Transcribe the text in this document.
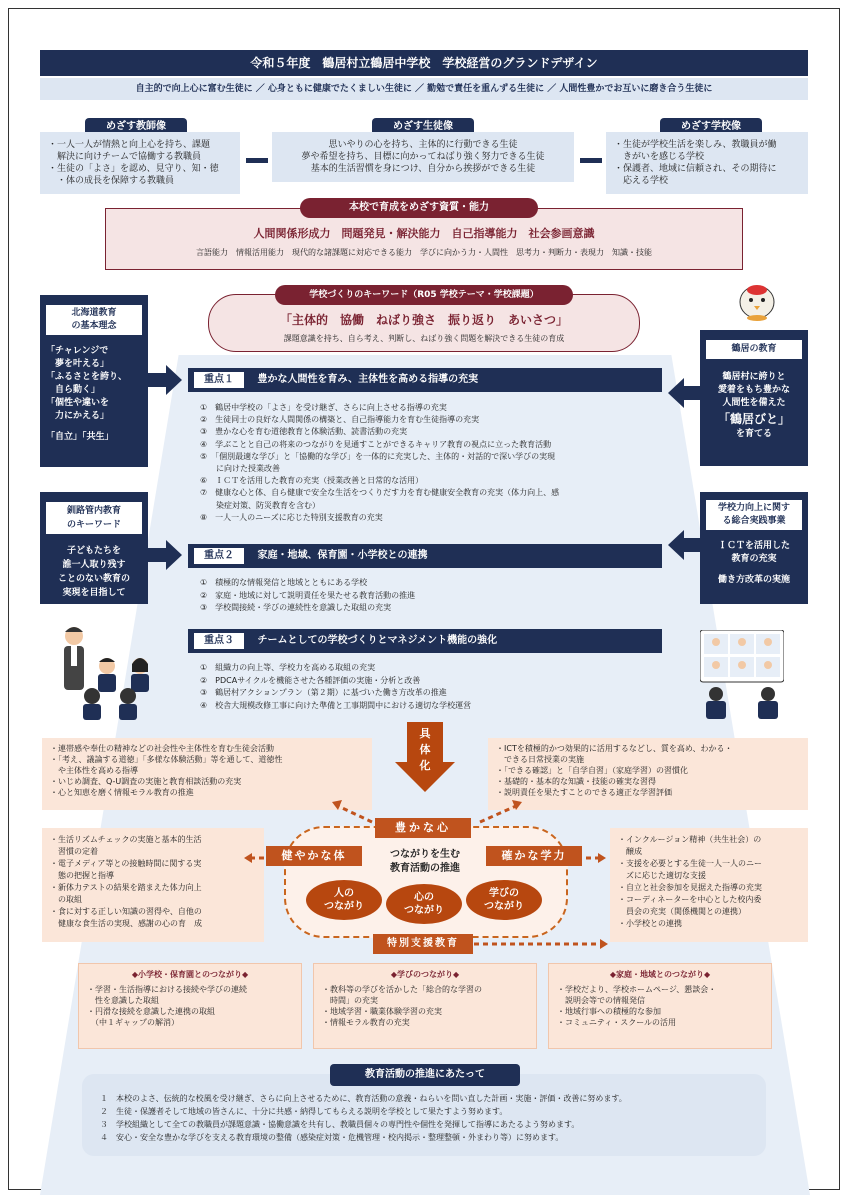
令和５年度　鶴居村立鶴居中学校　学校経営のグランドデザイン
自主的で向上心に富む生徒に ／ 心身ともに健康でたくましい生徒に ／ 勤勉で責任を重んずる生徒に ／ 人間性豊かでお互いに磨き合う生徒に
めざす教師像
・一人一人が情熱と向上心を持ち、課題
　解決に向けチームで協働する教職員
・生徒の「よさ」を認め、見守り、知・徳
　・体の成長を保障する教職員
めざす生徒像
思いやりの心を持ち、主体的に行動できる生徒
夢や希望を持ち、目標に向かってねばり強く努力できる生徒
基本的生活習慣を身につけ、自分から挨拶ができる生徒
めざす学校像
・生徒が学校生活を楽しみ、教職員が働
　きがいを感じる学校
・保護者、地域に信頼され、その期待に
　応える学校
本校で育成をめざす資質・能力
人間関係形成力　問題発見・解決能力　自己指導能力　社会参画意識
言語能力　情報活用能力　現代的な諸課題に対応できる能力　学びに向かう力・人間性　思考力・判断力・表現力　知識・技能
学校づくりのキーワード（R05 学校テーマ・学校課題）
「主体的　協働　ねばり強さ　振り返り　あいさつ」
課題意識を持ち、自ら考え、判断し、ねばり強く問題を解決できる生徒の育成
北海道教育
の基本理念
「チャレンジで
　夢を叶える」
「ふるさとを誇り、
　自ら動く」
「個性や違いを
　力にかえる」
「自立」「共生」
釧路管内教育
のキーワード
子どもたちを
誰一人取り残す
ことのない教育の
実現を目指して
鶴居の教育
鶴居村に誇りと
愛着をもち豊かな
人間性を備えた
「鶴居びと」
を育てる
学校力向上に関す
る総合実践事業
ＩＣＴを活用した
教育の充実
働き方改革の実施
重点１ 豊かな人間性を育み、主体性を高める指導の充実
①　鶴居中学校の「よさ」を受け継ぎ、さらに向上させる指導の充実
②　生徒同士の良好な人間関係の構築と、自己指導能力を育む生徒指導の充実
③　豊かな心を育む道徳教育と体験活動、読書活動の充実
④　学ぶことと自己の将来のつながりを見通すことができるキャリア教育の視点に立った教育活動
⑤　「個別最適な学び」と「協働的な学び」を一体的に充実した、主体的・対話的で深い学びの実現
　　に向けた授業改善
⑥　ＩＣＴを活用した教育の充実（授業改善と日常的な活用）
⑦　健康な心と体、自ら健康で安全な生活をつくりだす力を育む健康安全教育の充実（体力向上、感
　　染症対策、防災教育を含む）
⑧　一人一人のニーズに応じた特別支援教育の充実
重点２ 家庭・地域、保育園・小学校との連携
①　積極的な情報発信と地域とともにある学校
②　家庭・地域に対して説明責任を果たせる教育活動の推進
③　学校間接続・学びの連続性を意識した取組の充実
重点３ チームとしての学校づくりとマネジメント機能の強化
①　組織力の向上等、学校力を高める取組の充実
②　PDCAサイクルを機能させた各種評価の実施・分析と改善
③　鶴居村アクションプラン（第２期）に基づいた働き方改革の推進
④　校舎大規模改修工事に向けた準備と工事期間中における適切な学校運営
具
体
化
・連帯感や奉仕の精神などの社会性や主体性を育む生徒会活動
・「考え、議論する道徳」「多様な体験活動」等を通して、道徳性
　や主体性を高める指導
・いじめ調査、Q-U調査の実施と教育相談活動の充実
・心と知恵を磨く情報モラル教育の推進
・ICTを積極的かつ効果的に活用するなどし、質を高め、わかる・
　できる日常授業の実施
・「できる確認」と「自学自習」（家庭学習）の習慣化
・基礎的・基本的な知識・技能の確実な習得
・説明責任を果たすことのできる適正な学習評価
・生活リズムチェックの実施と基本的生活
　習慣の定着
・電子メディア等との接触時間に関する実
　態の把握と指導
・新体力テストの結果を踏まえた体力向上
　の取組
・食に対する正しい知識の習得や、自他の
　健康な食生活の実現、感謝の心の育　成
・インクルージョン精神（共生社会）の
　醸成
・支援を必要とする生徒一人一人のニー
　ズに応じた適切な支援
・自立と社会参加を見据えた指導の充実
・コーディネーターを中心とした校内委
　員会の充実（関係機関との連携）
・小学校との連携
豊かな心
健やかな体	確かな学力
特別支援教育
つながりを生む
教育活動の推進
人の
つながり
心の
つながり
学びの
つながり
◆小学校・保育園とのつながり◆
・学習・生活指導における接続や学びの連続
　性を意識した取組
・円滑な接続を意識した連携の取組
　（中１ギャップの解消）
◆学びのつながり◆
・教科等の学びを活かした「総合的な学習の
　時間」の充実
・地域学習・職業体験学習の充実
・情報モラル教育の充実
◆家庭・地域とのつながり◆
・学校だより、学校ホームページ、懇談会・
　説明会等での情報発信
・地域行事への積極的な参加
・コミュニティ・スクールの活用
教育活動の推進にあたって
１　本校のよさ、伝統的な校風を受け継ぎ、さらに向上させるために、教育活動の意義・ねらいを問い直した計画・実施・評価・改善に努めます。
２　生徒・保護者そして地域の皆さんに、十分に共感・納得してもらえる説明を学校として果たすよう努めます。
３　学校組織として全ての教職員が課題意識・協働意識を共有し、教職員個々の専門性や個性を発揮して指導にあたるよう努めます。
４　安心・安全な豊かな学びを支える教育環境の整備（感染症対策・危機管理・校内掲示・整理整頓・外まわり等）に努めます。
